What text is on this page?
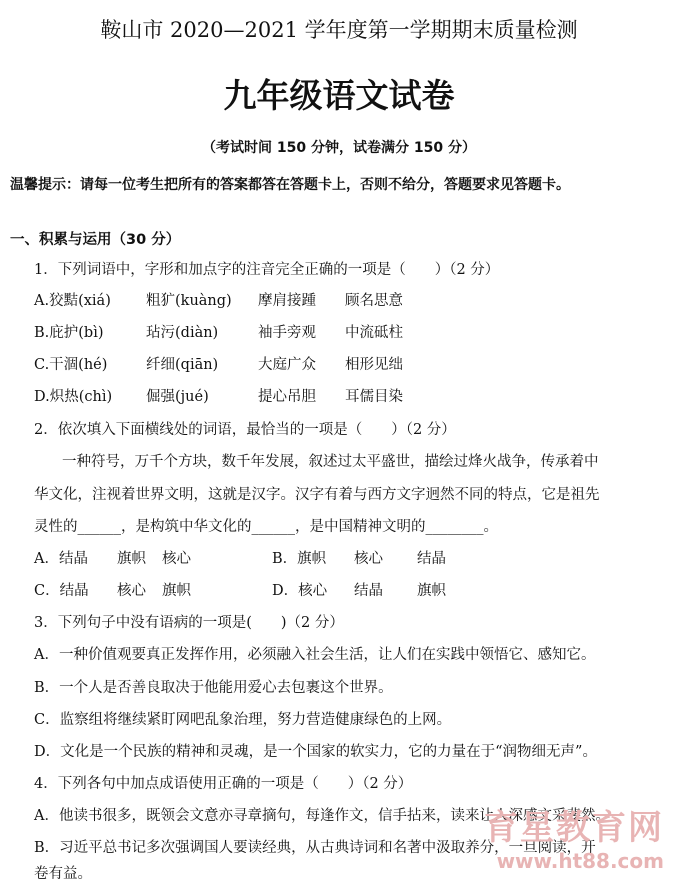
鞍山市 2020—2021 学年度第一学期期末质量检测
九年级语文试卷
（考试时间 150 分钟，试卷满分 150 分）
温馨提示：请每一位考生把所有的答案都答在答题卡上，否则不给分，答题要求见答题卡。
一、积累与运用（30 分）
1．下列词语中，字形和加点字的注音完全正确的一项是（　　）（2 分）
A.狡黠(xiá) 粗犷(kuàng) 摩肩接踵 顾名思意
B.庇护(bì)	玷污(diàn)	袖手旁观 中流砥柱
C.干涸(hé)	纤细(qiān)	大庭广众 相形见绌
D.炽热(chì) 倔强(jué)	提心吊胆 耳儒目染
2．依次填入下面横线处的词语，最恰当的一项是（　　）（2 分）
一种符号，万千个方块，数千年发展，叙述过太平盛世，描绘过烽火战争，传承着中
华文化，注视着世界文明，这就是汉字。汉字有着与西方文字迥然不同的特点，它是祖先
灵性的______，是构筑中华文化的______，是中国精神文明的________。
A．结晶 旗帜 核心	B．旗帜 核心 结晶
C．结晶 核心 旗帜	D．核心 结晶 旗帜
3．下列句子中没有语病的一项是(　　)（2 分）
A．一种价值观要真正发挥作用，必须融入社会生活，让人们在实践中领悟它、感知它。
B．一个人是否善良取决于他能用爱心去包裹这个世界。
C．监察组将继续紧盯网吧乱象治理，努力营造健康绿色的上网。
D．文化是一个民族的精神和灵魂，是一个国家的软实力，它的力量在于“润物细无声”。
4．下列各句中加点成语使用正确的一项是（　　）（2 分）
A．他读书很多，既领会文意亦寻章摘句，每逢作文，信手拈来，读来让人深感文采斐然。
B．习近平总书记多次强调国人要读经典，从古典诗词和名著中汲取养分，一旦阅读，开
卷有益。
育星教育网
www.ht88.com
